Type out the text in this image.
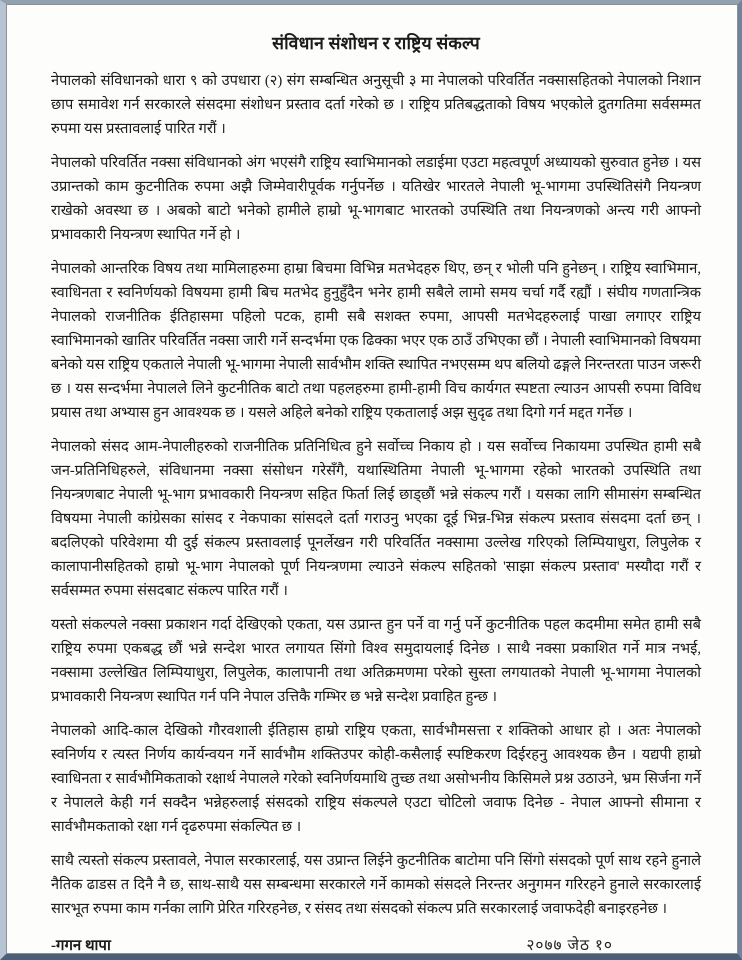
संविधान संशोधन र राष्ट्रिय संकल्प

नेपालको संविधानको धारा ९ को उपधारा (२) संग सम्बन्धित अनुसूची ३ मा नेपालको परिवर्तित नक्सासहितको नेपालको निशान छाप समावेश गर्न सरकारले संसदमा संशोधन प्रस्ताव दर्ता गरेको छ । राष्ट्रिय प्रतिबद्धताको विषय भएकोले द्रुतगतिमा सर्वसम्मत रुपमा यस प्रस्तावलाई पारित गरौं ।

नेपालको परिवर्तित नक्सा संविधानको अंग भएसंगै राष्ट्रिय स्वाभिमानको लडाईमा एउटा महत्वपूर्ण अध्यायको सुरुवात हुनेछ । यस उप्रान्तको काम कुटनीतिक रुपमा अझै जिम्मेवारीपूर्वक गर्नुपर्नेछ । यतिखेर भारतले नेपाली भू-भागमा उपस्थितिसंगै नियन्त्रण राखेको अवस्था छ । अबको बाटो भनेको हामीले हाम्रो भू-भागबाट भारतको उपस्थिति तथा नियन्त्रणको अन्त्य गरी आफ्नो प्रभावकारी नियन्त्रण स्थापित गर्ने हो ।

नेपालको आन्तरिक विषय तथा मामिलाहरुमा हाम्रा बिचमा विभिन्न मतभेदहरु थिए, छन् र भोली पनि हुनेछन् । राष्ट्रिय स्वाभिमान, स्वाधिनता र स्वनिर्णयको विषयमा हामी बिच मतभेद हुनुहुँदैन भनेर हामी सबैले लामो समय चर्चा गर्दै रह्यौं । संघीय गणतान्त्रिक नेपालको राजनीतिक ईतिहासमा पहिलो पटक, हामी सबै सशक्त रुपमा, आपसी मतभेदहरुलाई पाखा लगाएर राष्ट्रिय स्वाभिमानको खातिर परिवर्तित नक्सा जारी गर्ने सन्दर्भमा एक ढिक्का भएर एक ठाउँ उभिएका छौं । नेपाली स्वाभिमानको विषयमा बनेको यस राष्ट्रिय एकताले नेपाली भू-भागमा नेपाली सार्वभौम शक्ति स्थापित नभएसम्म थप बलियो ढङ्गले निरन्तरता पाउन जरूरी छ । यस सन्दर्भमा नेपालले लिने कुटनीतिक बाटो तथा पहलहरुमा हामी-हामी विच कार्यगत स्पष्टता ल्याउन आपसी रुपमा विविध प्रयास तथा अभ्यास हुन आवश्यक छ । यसले अहिले बनेको राष्ट्रिय एकतालाई अझ सुदृढ तथा दिगो गर्न मद्दत गर्नेछ ।

नेपालको संसद आम-नेपालीहरुको राजनीतिक प्रतिनिधित्व हुने सर्वोच्च निकाय हो । यस सर्वोच्च निकायमा उपस्थित हामी सबै जन-प्रतिनिधिहरुले, संविधानमा नक्सा संसोधन गरेसँगै, यथास्थितिमा नेपाली भू-भागमा रहेको भारतको उपस्थिति तथा नियन्त्रणबाट नेपाली भू-भाग प्रभावकारी नियन्त्रण सहित फिर्ता लिई छाड्छौं भन्ने संकल्प गरौं । यसका लागि सीमासंग सम्बन्धित विषयमा नेपाली कांग्रेसका सांसद र नेकपाका सांसदले दर्ता गराउनु भएका दूई भिन्न-भिन्न संकल्प प्रस्ताव संसदमा दर्ता छन् । बदलिएको परिवेशमा यी दुई संकल्प प्रस्तावलाई पूनर्लेखन गरी परिवर्तित नक्सामा उल्लेख गरिएको लिम्पियाधुरा, लिपुलेक र कालापानीसहितको हाम्रो भू-भाग नेपालको पूर्ण नियन्त्रणमा ल्याउने संकल्प सहितको 'साझा संकल्प प्रस्ताव' मस्यौदा गरौं र सर्वसम्मत रुपमा संसदबाट संकल्प पारित गरौं ।

यस्तो संकल्पले नक्सा प्रकाशन गर्दा देखिएको एकता, यस उप्रान्त हुन पर्ने वा गर्नु पर्ने कुटनीतिक पहल कदमीमा समेत हामी सबै राष्ट्रिय रुपमा एकबद्ध छौं भन्ने सन्देश भारत लगायत सिंगो विश्व समुदायलाई दिनेछ । साथै नक्सा प्रकाशित गर्ने मात्र नभई, नक्सामा उल्लेखित लिम्पियाधुरा, लिपुलेक, कालापानी तथा अतिक्रमणमा परेको सुस्ता लगयातको नेपाली भू-भागमा नेपालको प्रभावकारी नियन्त्रण स्थापित गर्न पनि नेपाल उत्तिकै गम्भिर छ भन्ने सन्देश प्रवाहित हुन्छ ।

नेपालको आदि-काल देखिको गौरवशाली ईतिहास हाम्रो राष्ट्रिय एकता, सार्वभौमसत्ता र शक्तिको आधार हो । अतः नेपालको स्वनिर्णय र त्यस्त निर्णय कार्यन्वयन गर्ने सार्वभौम शक्तिउपर कोही-कसैलाई स्पष्टिकरण दिईरहनु आवश्यक छैन । यद्यपी हाम्रो स्वाधिनता र सार्वभौमिकताको रक्षार्थ नेपालले गरेको स्वनिर्णयमाथि तुच्छ तथा असोभनीय किसिमले प्रश्न उठाउने, भ्रम सिर्जना गर्ने र नेपालले केही गर्न सक्दैन भन्नेहरुलाई संसदको राष्ट्रिय संकल्पले एउटा चोटिलो जवाफ दिनेछ - नेपाल आफ्नो सीमाना र सार्वभौमकताको रक्षा गर्न दृढरुपमा संकल्पित छ ।

साथै त्यस्तो संकल्प प्रस्तावले, नेपाल सरकारलाई, यस उप्रान्त लिईने कुटनीतिक बाटोमा पनि सिंगो संसदको पूर्ण साथ रहने हुनाले नैतिक ढाडस त दिनै नै छ, साथ-साथै यस सम्बन्धमा सरकारले गर्ने कामको संसदले निरन्तर अनुगमन गरिरहने हुनाले सरकारलाई सारभूत रुपमा काम गर्नका लागि प्रेरित गरिरहनेछ, र संसद तथा संसदको संकल्प प्रति सरकारलाई जवाफदेही बनाइरहनेछ ।

-गगन थापा	२०७७ जेठ १०
